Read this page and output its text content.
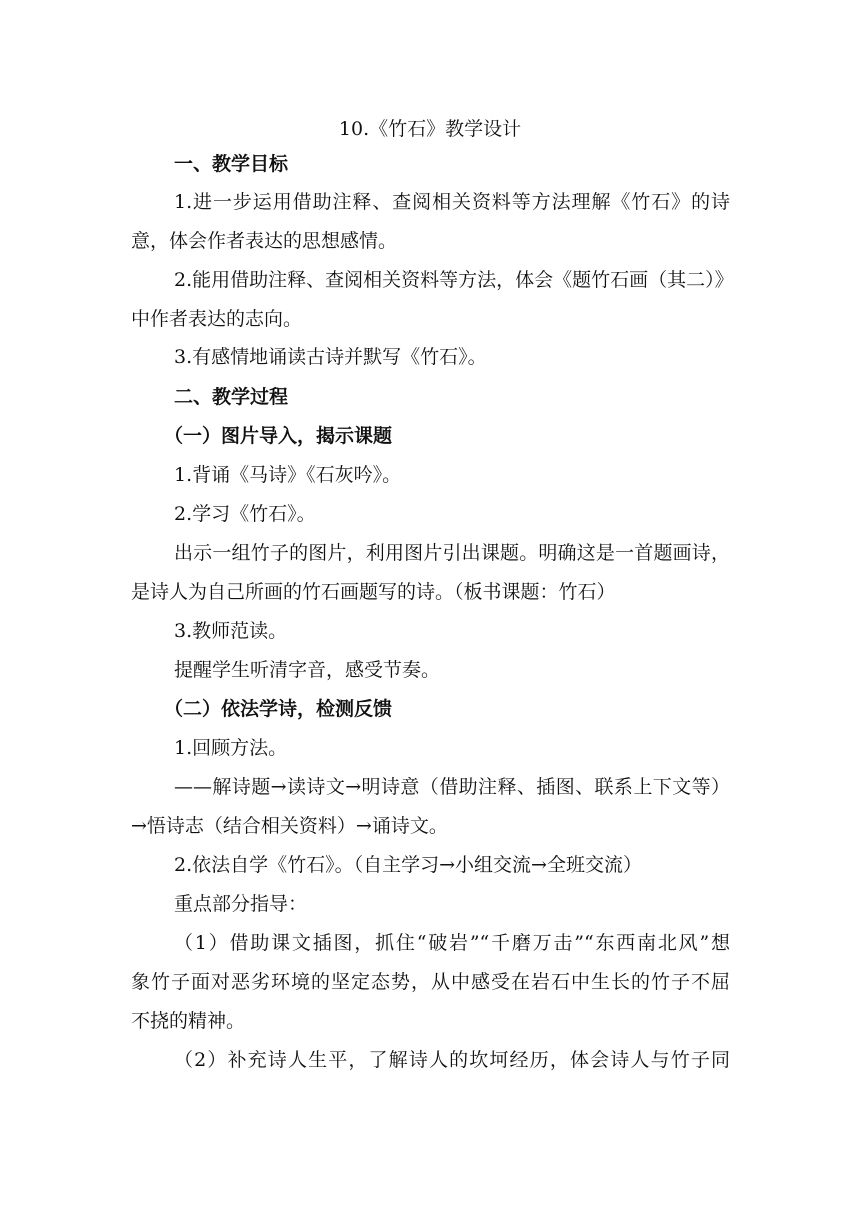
10.《竹石》教学设计
一、教学目标
1.进一步运用借助注释、查阅相关资料等方法理解《竹石》的诗
意，体会作者表达的思想感情。
2.能用借助注释、查阅相关资料等方法，体会《题竹石画（其二）》
中作者表达的志向。
3.有感情地诵读古诗并默写《竹石》。
二、教学过程
（一）图片导入，揭示课题
1.背诵《马诗》《石灰吟》。
2.学习《竹石》。
出示一组竹子的图片，利用图片引出课题。明确这是一首题画诗，
是诗人为自己所画的竹石画题写的诗。（板书课题：竹石）
3.教师范读。
提醒学生听清字音，感受节奏。
（二）依法学诗，检测反馈
1.回顾方法。
——解诗题→读诗文→明诗意（借助注释、插图、联系上下文等）
→悟诗志（结合相关资料）→诵诗文。
2.依法自学《竹石》。（自主学习→小组交流→全班交流）
重点部分指导：
（1）借助课文插图，抓住“破岩”“千磨万击”“东西南北风”想
象竹子面对恶劣环境的坚定态势，从中感受在岩石中生长的竹子不屈
不挠的精神。
（2）补充诗人生平，了解诗人的坎坷经历，体会诗人与竹子同
